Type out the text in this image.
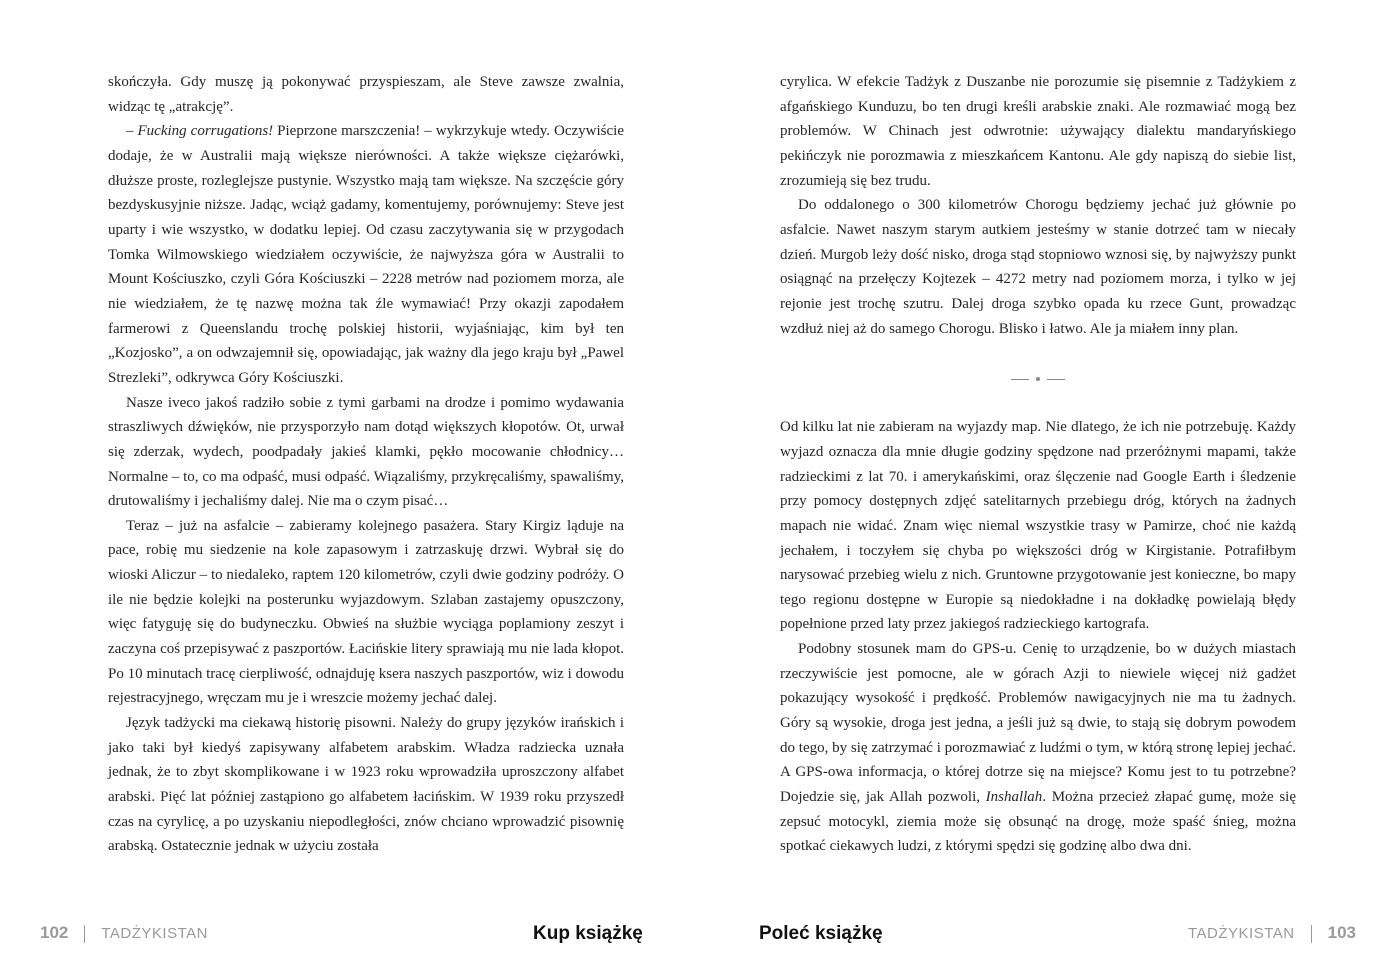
skończyła. Gdy muszę ją pokonywać przyspieszam, ale Steve zawsze zwalnia, widząc tę „atrakcję”.

– Fucking corrugations! Pieprzone marszczenia! – wykrzykuje wtedy. Oczywiście dodaje, że w Australii mają większe nierówności. A także większe ciężarówki, dłuższe proste, rozleglejsze pustynie. Wszystko mają tam większe. Na szczęście góry bezdyskusyjnie niższe. Jadąc, wciąż gadamy, komentujemy, porównujemy: Steve jest uparty i wie wszystko, w dodatku lepiej. Od czasu zaczytywania się w przygodach Tomka Wilmowskiego wiedziałem oczywiście, że najwyższa góra w Australii to Mount Kościuszko, czyli Góra Kościuszki – 2228 metrów nad poziomem morza, ale nie wiedziałem, że tę nazwę można tak źle wymawiać! Przy okazji zapodałem farmerowi z Queenslandu trochę polskiej historii, wyjaśniając, kim był ten „Kozjosko”, a on odwzajemnił się, opowiadając, jak ważny dla jego kraju był „Pawel Strezleki”, odkrywca Góry Kościuszki.

Nasze iveco jakoś radziło sobie z tymi garbami na drodze i pomimo wydawania straszliwych dźwięków, nie przysporzyło nam dotąd większych kłopotów. Ot, urwał się zderzak, wydech, poodpadały jakieś klamki, pękło mocowanie chłodnicy… Normalne – to, co ma odpaść, musi odpaść. Wiązaliśmy, przykręcaliśmy, spawaliśmy, drutowaliśmy i jechaliśmy dalej. Nie ma o czym pisać…

Teraz – już na asfalcie – zabieramy kolejnego pasażera. Stary Kirgiz ląduje na pace, robię mu siedzenie na kole zapasowym i zatrzaskuję drzwi. Wybrał się do wioski Aliczur – to niedaleko, raptem 120 kilometrów, czyli dwie godziny podróży. O ile nie będzie kolejki na posterunku wyjazdowym. Szlaban zastajemy opuszczony, więc fatyguję się do budyneczku. Obwieś na służbie wyciąga poplamiony zeszyt i zaczyna coś przepisywać z paszportów. Łacińskie litery sprawiają mu nie lada kłopot. Po 10 minutach tracę cierpliwość, odnajduję ksera naszych paszportów, wiz i dowodu rejestracyjnego, wręczam mu je i wreszcie możemy jechać dalej.

Język tadżycki ma ciekawą historię pisowni. Należy do grupy języków irańskich i jako taki był kiedyś zapisywany alfabetem arabskim. Władza radziecka uznała jednak, że to zbyt skomplikowane i w 1923 roku wprowadziła uproszczony alfabet arabski. Pięć lat później zastąpiono go alfabetem łacińskim. W 1939 roku przyszedł czas na cyrylicę, a po uzyskaniu niepodległości, znów chciano wprowadzić pisownię arabską. Ostatecznie jednak w użyciu została

cyrylica. W efekcie Tadżyk z Duszanbe nie porozumie się pisemnie z Tadżykiem z afgańskiego Kunduzu, bo ten drugi kreśli arabskie znaki. Ale rozmawiać mogą bez problemów. W Chinach jest odwrotnie: używający dialektu mandaryńskiego pekińczyk nie porozmawia z mieszkańcem Kantonu. Ale gdy napiszą do siebie list, zrozumieją się bez trudu.

Do oddalonego o 300 kilometrów Chorogu będziemy jechać już głównie po asfalcie. Nawet naszym starym autkiem jesteśmy w stanie dotrzeć tam w niecały dzień. Murgob leży dość nisko, droga stąd stopniowo wznosi się, by najwyższy punkt osiągnąć na przełęczy Kojtezek – 4272 metry nad poziomem morza, i tylko w jej rejonie jest trochę szutru. Dalej droga szybko opada ku rzece Gunt, prowadząc wzdłuż niej aż do samego Chorogu. Blisko i łatwo. Ale ja miałem inny plan.

Od kilku lat nie zabieram na wyjazdy map. Nie dlatego, że ich nie potrzebuję. Każdy wyjazd oznacza dla mnie długie godziny spędzone nad przeróżnymi mapami, także radzieckimi z lat 70. i amerykańskimi, oraz ślęczenie nad Google Earth i śledzenie przy pomocy dostępnych zdjęć satelitarnych przebiegu dróg, których na żadnych mapach nie widać. Znam więc niemal wszystkie trasy w Pamirze, choć nie każdą jechałem, i toczyłem się chyba po większości dróg w Kirgistanie. Potrafiłbym narysować przebieg wielu z nich. Gruntowne przygotowanie jest konieczne, bo mapy tego regionu dostępne w Europie są niedokładne i na dokładkę powielają błędy popełnione przed laty przez jakiegoś radzieckiego kartografa.

Podobny stosunek mam do GPS-u. Cenię to urządzenie, bo w dużych miastach rzeczywiście jest pomocne, ale w górach Azji to niewiele więcej niż gadżet pokazujący wysokość i prędkość. Problemów nawigacyjnych nie ma tu żadnych. Góry są wysokie, droga jest jedna, a jeśli już są dwie, to stają się dobrym powodem do tego, by się zatrzymać i porozmawiać z ludźmi o tym, w którą stronę lepiej jechać. A GPS-owa informacja, o której dotrze się na miejsce? Komu jest to tu potrzebne? Dojedzie się, jak Allah pozwoli, Inshallah. Można przecież złapać gumę, może się zepsuć motocykl, ziemia może się obsunąć na drogę, może spaść śnieg, można spotkać ciekawych ludzi, z którymi spędzi się godzinę albo dwa dni.

102 TADŻYKISTAN	Kup książkę	Poleć książkę	TADŻYKISTAN 103
